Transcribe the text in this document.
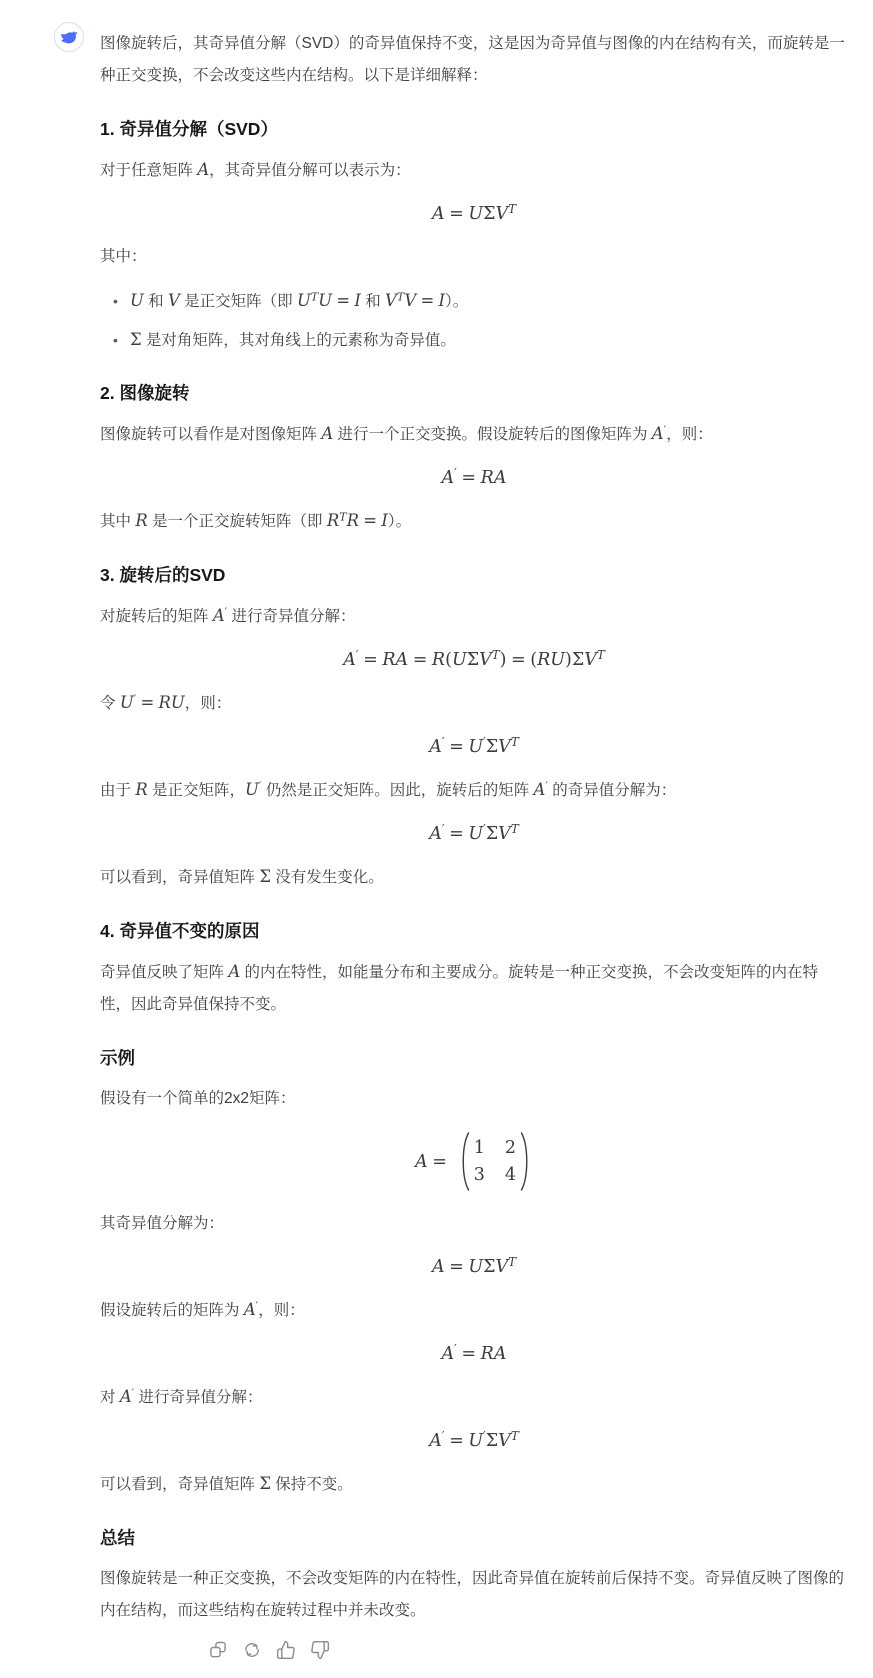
图像旋转后，其奇异值分解（SVD）的奇异值保持不变，这是因为奇异值与图像的内在结构有关，而旋转是一种正交变换，不会改变这些内在结构。以下是详细解释：

1. 奇异值分解（SVD）

对于任意矩阵 A，其奇异值分解可以表示为：

$A = U\Sigma V^T$

其中：

• U 和 V 是正交矩阵（即 $U^TU = I$ 和 $V^TV = I$）。
• Σ 是对角矩阵，其对角线上的元素称为奇异值。
2. 图像旋转

图像旋转可以看作是对图像矩阵 A 进行一个正交变换。假设旋转后的图像矩阵为 A′，则：

A′ = RA

其中 R 是一个正交旋转矩阵（即 $R^TR = I$）。

3. 旋转后的SVD

对旋转后的矩阵 A′ 进行奇异值分解：

A′ = RA = $R(U\Sigma V^T) = (RU)\Sigma V^T$

令 U′ = RU，则：

$A' = U'\Sigma V^T$

由于 R 是正交矩阵，U′ 仍然是正交矩阵。因此，旋转后的矩阵 A′ 的奇异值分解为：

$A' = U'\Sigma V^T$

可以看到，奇异值矩阵 Σ 没有发生变化。

4. 奇异值不变的原因

奇异值反映了矩阵 A 的内在特性，如能量分布和主要成分。旋转是一种正交变换，不会改变矩阵的内在特性，因此奇异值保持不变。

示例

假设有一个简单的2x2矩阵：

A =
1 2
3 4

其奇异值分解为：

$A = U\Sigma V^T$

假设旋转后的矩阵为 A′，则：

A′ = RA

对 A′ 进行奇异值分解：

$A' = U'\Sigma V^T$

可以看到，奇异值矩阵 Σ 保持不变。

总结

图像旋转是一种正交变换，不会改变矩阵的内在特性，因此奇异值在旋转前后保持不变。奇异值反映了图像的内在结构，而这些结构在旋转过程中并未改变。
